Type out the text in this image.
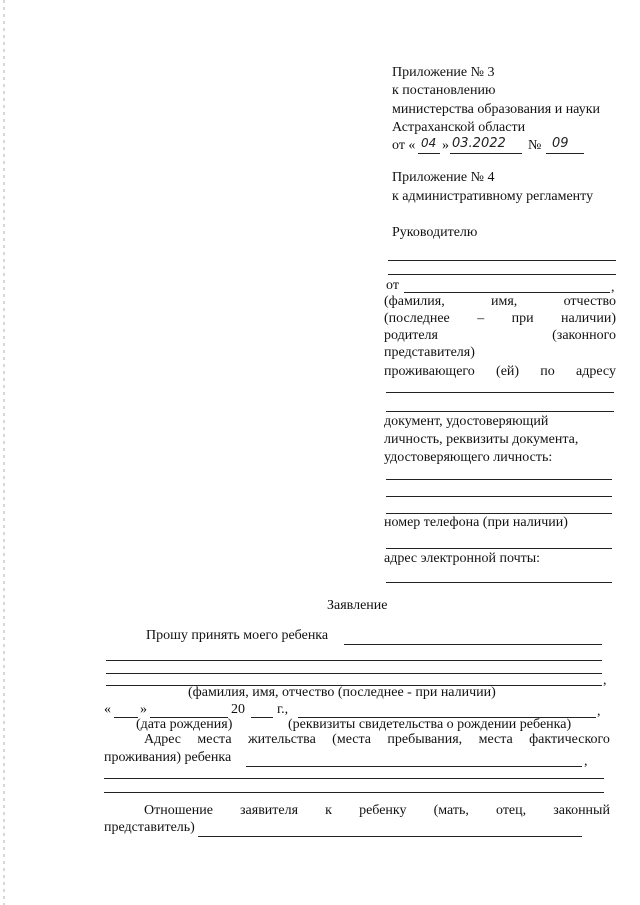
Приложение № 3
к постановлению
министерства образования и науки
Астраханской области
от « 04 » 03.2022 № 09
Приложение № 4
к административному регламенту
Руководителю
от	,
(фамилия,	имя,	отчество
(последнее – при наличии)
родителя	(законного
представителя)
проживающего (ей) по адресу
документ, удостоверяющий
личность, реквизиты документа,
удостоверяющего личность:
номер телефона (при наличии)
адрес электронной почты:
Заявление
Прошу принять моего ребенка
,
(фамилия, имя, отчество (последнее - при наличии)
« »	20 г.,	,
(дата рождения)	(реквизиты свидетельства о рождении ребенка)
Адрес места жительства (места пребывания, места фактического
проживания) ребенка	,
Отношение заявителя к ребенку (мать, отец, законный
представитель)
